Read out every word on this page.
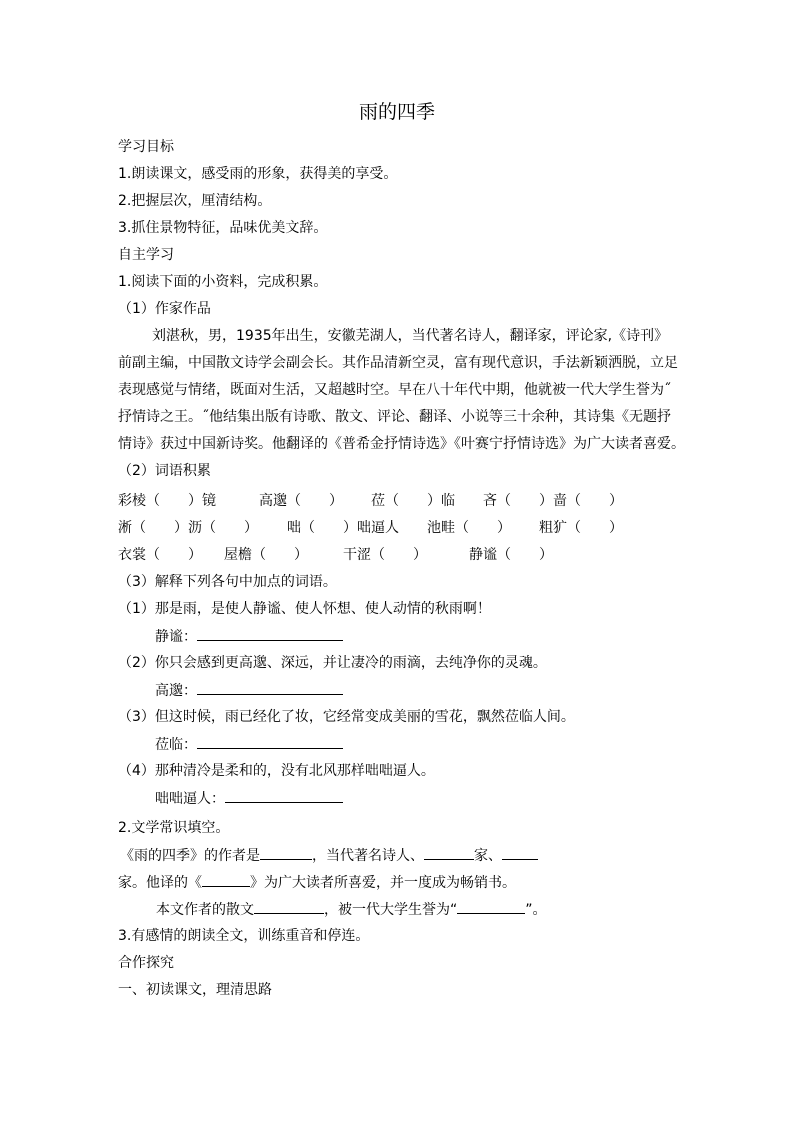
雨的四季
学习目标
1.朗读课文，感受雨的形象，获得美的享受。
2.把握层次，厘清结构。
3.抓住景物特征，品味优美文辞。
自主学习
1.阅读下面的小资料，完成积累。
（1）作家作品
刘湛秋，男，1935年出生，安徽芜湖人，当代著名诗人，翻译家，评论家,《诗刊》
前副主编，中国散文诗学会副会长。其作品清新空灵，富有现代意识，手法新颖洒脱，立足
表现感觉与情绪，既面对生活，又超越时空。早在八十年代中期，他就被一代大学生誉为˝
抒情诗之王。˝他结集出版有诗歌、散文、评论、翻译、小说等三十余种，其诗集《无题抒
情诗》获过中国新诗奖。他翻译的《普希金抒情诗选》《叶赛宁抒情诗选》为广大读者喜爱。
（2）词语积累
彩棱（　　）镜	高邈（　　） 莅（　　）临 吝（　　）啬（　　）
淅（　　）沥（　　） 咄（　　）咄逼人 池畦（　　） 粗犷（　　）
衣裳（　　） 屋檐（　　）	干涩（　　）	静谧（　　）
（3）解释下列各句中加点的词语。
（1）那是雨，是使人静谧、使人怀想、使人动情的秋雨啊！
静谧：
（2）你只会感到更高邈、深远，并让凄冷的雨滴，去纯净你的灵魂。
高邈：
（3）但这时候，雨已经化了妆，它经常变成美丽的雪花，飘然莅临人间。
莅临：
（4）那种清冷是柔和的，没有北风那样咄咄逼人。
咄咄逼人：
2.文学常识填空。
《雨的四季》的作者是	，当代著名诗人、	家、
家。他译的《	》为广大读者所喜爱，并一度成为畅销书。
本文作者的散文	，被一代大学生誉为“	”。
3.有感情的朗读全文，训练重音和停连。
合作探究
一、初读课文，理清思路
